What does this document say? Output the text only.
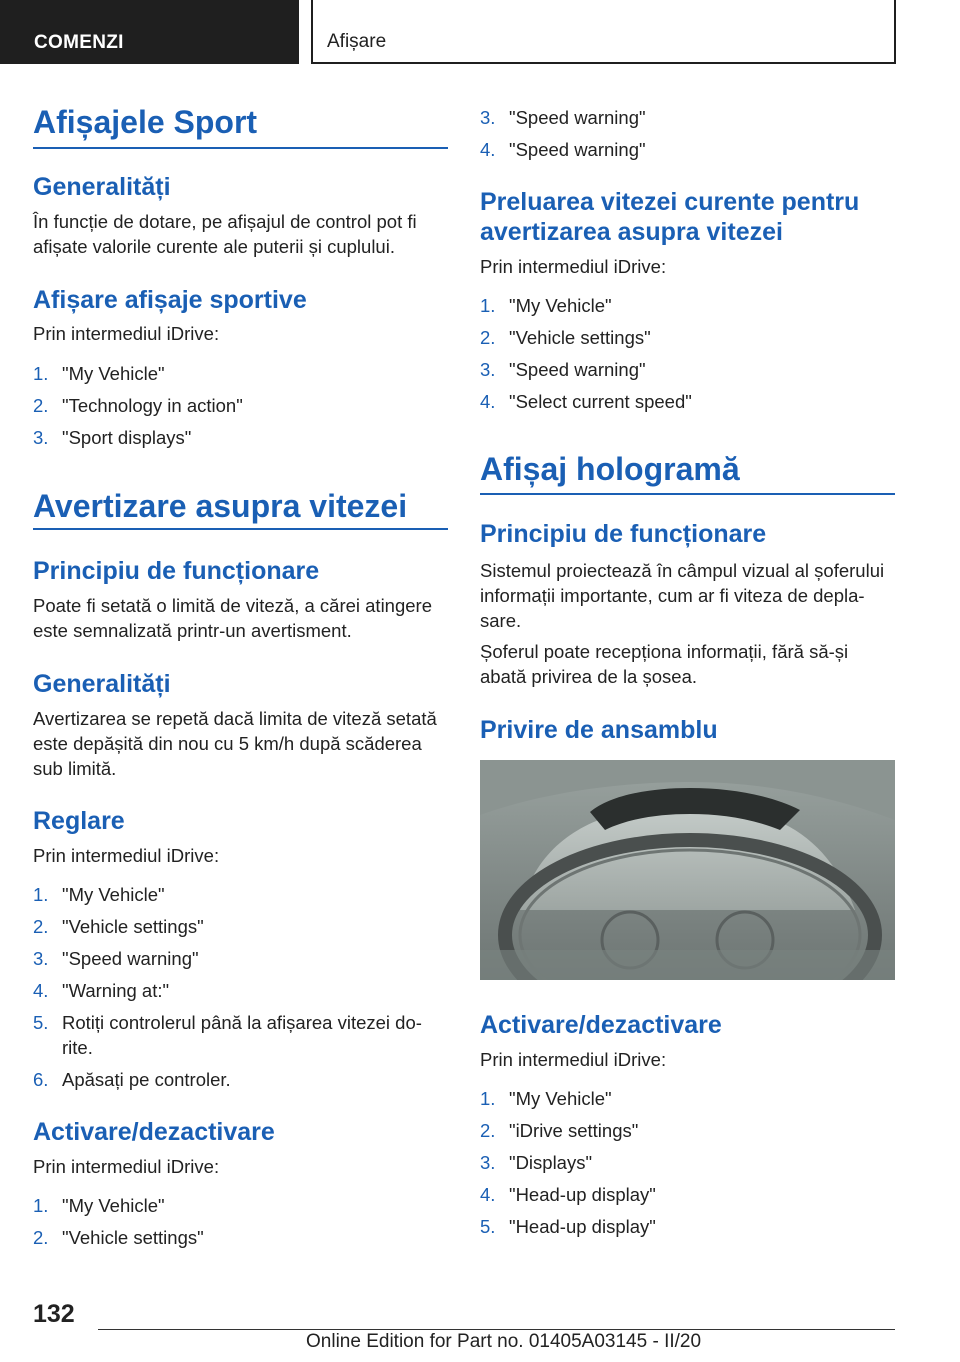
COMENZI	Afișare
Afișajele Sport
Generalități
În funcție de dotare, pe afișajul de control pot fi
afișate valorile curente ale puterii și cuplului.
Afișare afișaje sportive
Prin intermediul iDrive:
1. "My Vehicle"
2. "Technology in action"
3. "Sport displays"
Avertizare asupra vitezei
Principiu de funcționare
Poate fi setată o limită de viteză, a cărei atingere
este semnalizată printr-un avertisment.
Generalități
Avertizarea se repetă dacă limita de viteză setată
este depășită din nou cu 5 km/h după scăderea
sub limită.
Reglare
Prin intermediul iDrive:
1. "My Vehicle"
2. "Vehicle settings"
3. "Speed warning"
4. "Warning at:"
5. Rotiți controlerul până la afișarea vitezei do-
rite.
6. Apăsați pe controler.
Activare/dezactivare
Prin intermediul iDrive:
1. "My Vehicle"
2. "Vehicle settings"
3. "Speed warning"
4. "Speed warning"
Preluarea vitezei curente pentru
avertizarea asupra vitezei
Prin intermediul iDrive:
1. "My Vehicle"
2. "Vehicle settings"
3. "Speed warning"
4. "Select current speed"
Afișaj hologramă
Principiu de funcționare
Sistemul proiectează în câmpul vizual al șoferului
informații importante, cum ar fi viteza de depla-
sare.
Șoferul poate recepționa informații, fără să-și
abată privirea de la șosea.
Privire de ansamblu
Activare/dezactivare
Prin intermediul iDrive:
1. "My Vehicle"
2. "iDrive settings"
3. "Displays"
4. "Head-up display"
5. "Head-up display"
132
Online Edition for Part no. 01405A03145 - II/20
